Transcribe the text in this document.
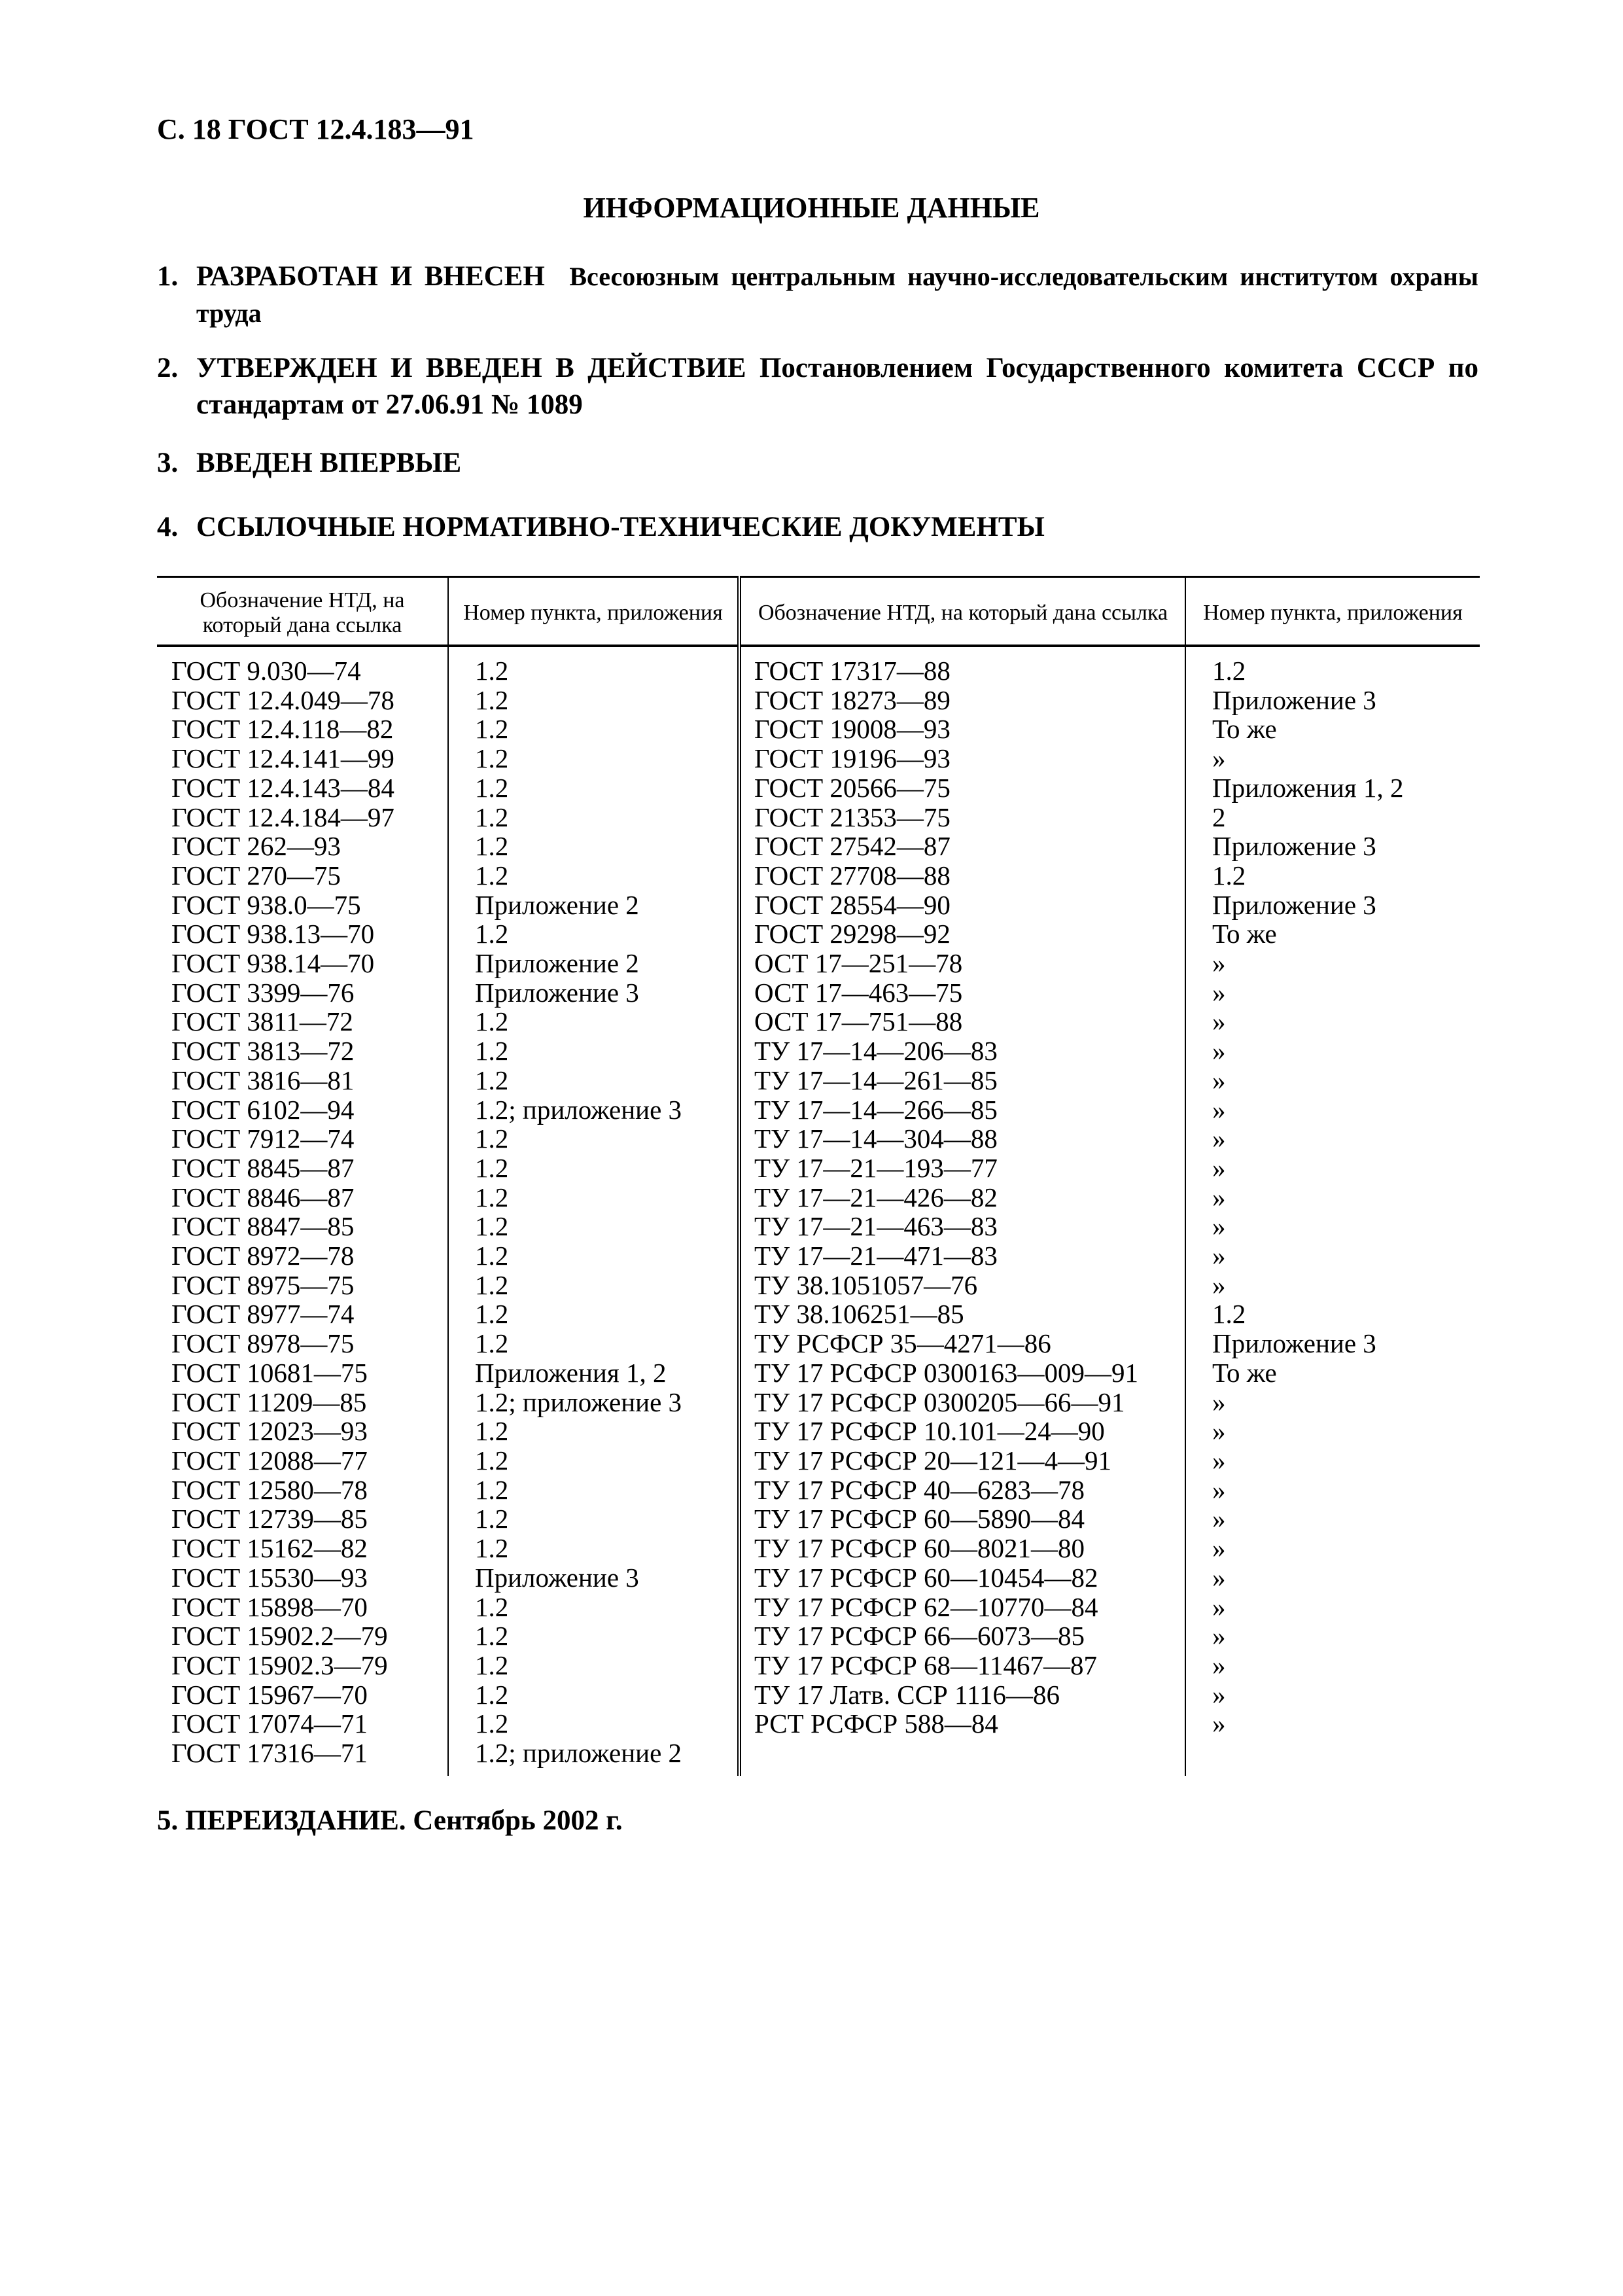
С. 18 ГОСТ 12.4.183—91
ИНФОРМАЦИОННЫЕ ДАННЫЕ
1. РАЗРАБОТАН И ВНЕСЕН Всесоюзным центральным научно-исследовательским институтом охраны труда
2. УТВЕРЖДЕН И ВВЕДЕН В ДЕЙСТВИЕ Постановлением Государственного комитета СССР по стандартам от 27.06.91 № 1089
3. ВВЕДЕН ВПЕРВЫЕ
4. ССЫЛОЧНЫЕ НОРМАТИВНО-ТЕХНИЧЕСКИЕ ДОКУМЕНТЫ
Обозначение НТД, на который дана ссылка	Номер пункта, приложения	Обозначение НТД, на который дана ссылка	Номер пункта, приложения
ГОСТ 9.030—74	1.2	ГОСТ 17317—88	1.2
ГОСТ 12.4.049—78	1.2	ГОСТ 18273—89	Приложение 3
ГОСТ 12.4.118—82	1.2	ГОСТ 19008—93	То же
ГОСТ 12.4.141—99	1.2	ГОСТ 19196—93	»
ГОСТ 12.4.143—84	1.2	ГОСТ 20566—75	Приложения 1, 2
ГОСТ 12.4.184—97	1.2	ГОСТ 21353—75	2
ГОСТ 262—93	1.2	ГОСТ 27542—87	Приложение 3
ГОСТ 270—75	1.2	ГОСТ 27708—88	1.2
ГОСТ 938.0—75	Приложение 2	ГОСТ 28554—90	Приложение 3
ГОСТ 938.13—70	1.2	ГОСТ 29298—92	То же
ГОСТ 938.14—70	Приложение 2	ОСТ 17—251—78	»
ГОСТ 3399—76	Приложение 3	ОСТ 17—463—75	»
ГОСТ 3811—72	1.2	ОСТ 17—751—88	»
ГОСТ 3813—72	1.2	ТУ 17—14—206—83	»
ГОСТ 3816—81	1.2	ТУ 17—14—261—85	»
ГОСТ 6102—94	1.2; приложение 3	ТУ 17—14—266—85	»
ГОСТ 7912—74	1.2	ТУ 17—14—304—88	»
ГОСТ 8845—87	1.2	ТУ 17—21—193—77	»
ГОСТ 8846—87	1.2	ТУ 17—21—426—82	»
ГОСТ 8847—85	1.2	ТУ 17—21—463—83	»
ГОСТ 8972—78	1.2	ТУ 17—21—471—83	»
ГОСТ 8975—75	1.2	ТУ 38.1051057—76	»
ГОСТ 8977—74	1.2	ТУ 38.106251—85	1.2
ГОСТ 8978—75	1.2	ТУ РСФСР 35—4271—86	Приложение 3
ГОСТ 10681—75	Приложения 1, 2	ТУ 17 РСФСР 0300163—009—91	То же
ГОСТ 11209—85	1.2; приложение 3	ТУ 17 РСФСР 0300205—66—91	»
ГОСТ 12023—93	1.2	ТУ 17 РСФСР 10.101—24—90	»
ГОСТ 12088—77	1.2	ТУ 17 РСФСР 20—121—4—91	»
ГОСТ 12580—78	1.2	ТУ 17 РСФСР 40—6283—78	»
ГОСТ 12739—85	1.2	ТУ 17 РСФСР 60—5890—84	»
ГОСТ 15162—82	1.2	ТУ 17 РСФСР 60—8021—80	»
ГОСТ 15530—93	Приложение 3	ТУ 17 РСФСР 60—10454—82	»
ГОСТ 15898—70	1.2	ТУ 17 РСФСР 62—10770—84	»
ГОСТ 15902.2—79	1.2	ТУ 17 РСФСР 66—6073—85	»
ГОСТ 15902.3—79	1.2	ТУ 17 РСФСР 68—11467—87	»
ГОСТ 15967—70	1.2	ТУ 17 Латв. ССР 1116—86	»
ГОСТ 17074—71	1.2	РСТ РСФСР 588—84	»
ГОСТ 17316—71	1.2; приложение 2		
5. ПЕРЕИЗДАНИЕ. Сентябрь 2002 г.
